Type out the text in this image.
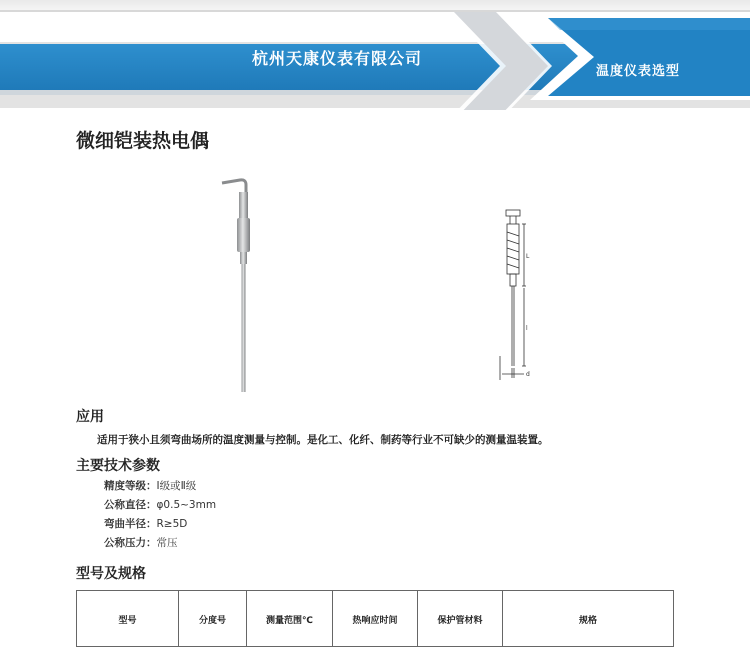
杭州天康仪表有限公司
温度仪表选型
微细铠装热电偶
d
L
l
应用
适用于狭小且须弯曲场所的温度测量与控制。是化工、化纤、制药等行业不可缺少的测量温装置。
主要技术参数
精度等级：Ⅰ级或Ⅱ级
公称直径：φ0.5~3mm
弯曲半径：R≥5D
公称压力：常压
型号及规格
型号	分度号	测量范围℃	热响应时间	保护管材料	规格
